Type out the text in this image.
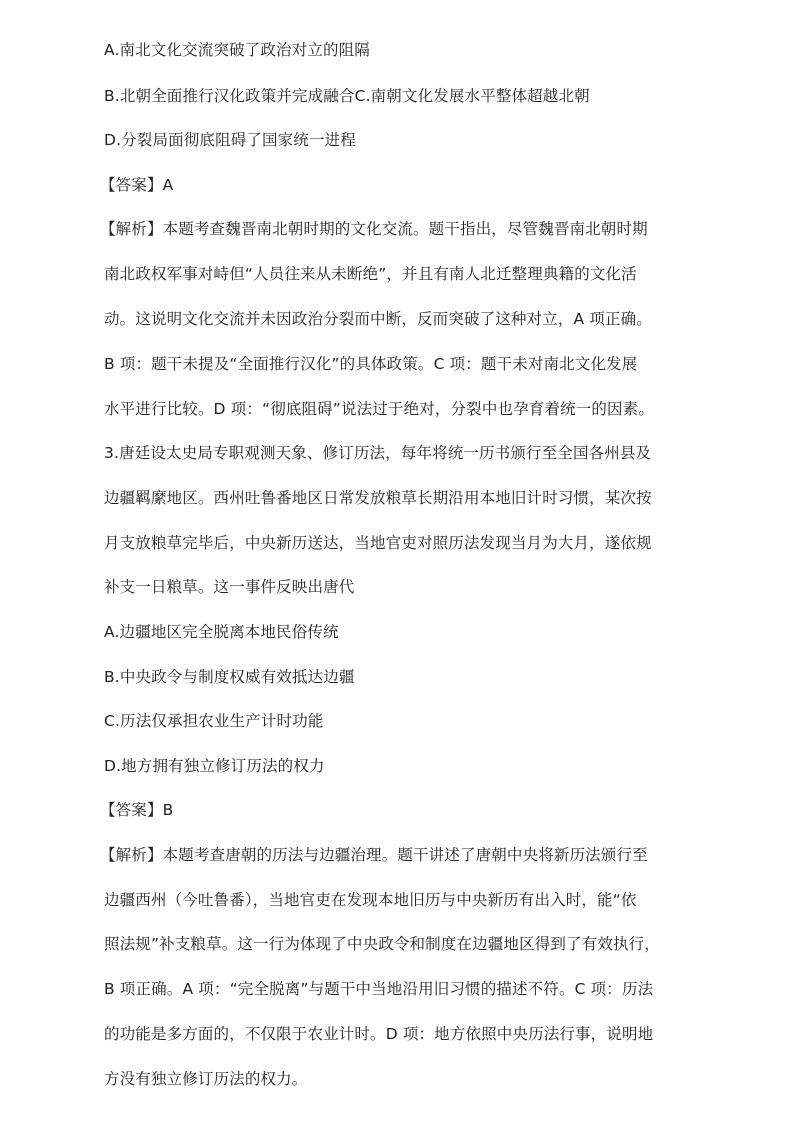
A.南北文化交流突破了政治对立的阻隔
B.北朝全面推行汉化政策并完成融合C.南朝文化发展水平整体超越北朝
D.分裂局面彻底阻碍了国家统一进程
【答案】A
【解析】本题考查魏晋南北朝时期的文化交流。题干指出，尽管魏晋南北朝时期
南北政权军事对峙但“人员往来从未断绝”，并且有南人北迁整理典籍的文化活
动。这说明文化交流并未因政治分裂而中断，反而突破了这种对立，A 项正确。
B 项：题干未提及“全面推行汉化”的具体政策。C 项：题干未对南北文化发展
水平进行比较。D 项：“彻底阻碍”说法过于绝对，分裂中也孕育着统一的因素。
3.唐廷设太史局专职观测天象、修订历法，每年将统一历书颁行至全国各州县及
边疆羁縻地区。西州吐鲁番地区日常发放粮草长期沿用本地旧计时习惯，某次按
月支放粮草完毕后，中央新历送达，当地官吏对照历法发现当月为大月，遂依规
补支一日粮草。这一事件反映出唐代
A.边疆地区完全脱离本地民俗传统
B.中央政令与制度权威有效抵达边疆
C.历法仅承担农业生产计时功能
D.地方拥有独立修订历法的权力
【答案】B
【解析】本题考查唐朝的历法与边疆治理。题干讲述了唐朝中央将新历法颁行至
边疆西州（今吐鲁番），当地官吏在发现本地旧历与中央新历有出入时，能“依
照法规”补支粮草。这一行为体现了中央政令和制度在边疆地区得到了有效执行，
B 项正确。A 项：“完全脱离”与题干中当地沿用旧习惯的描述不符。C 项：历法
的功能是多方面的，不仅限于农业计时。D 项：地方依照中央历法行事，说明地
方没有独立修订历法的权力。
